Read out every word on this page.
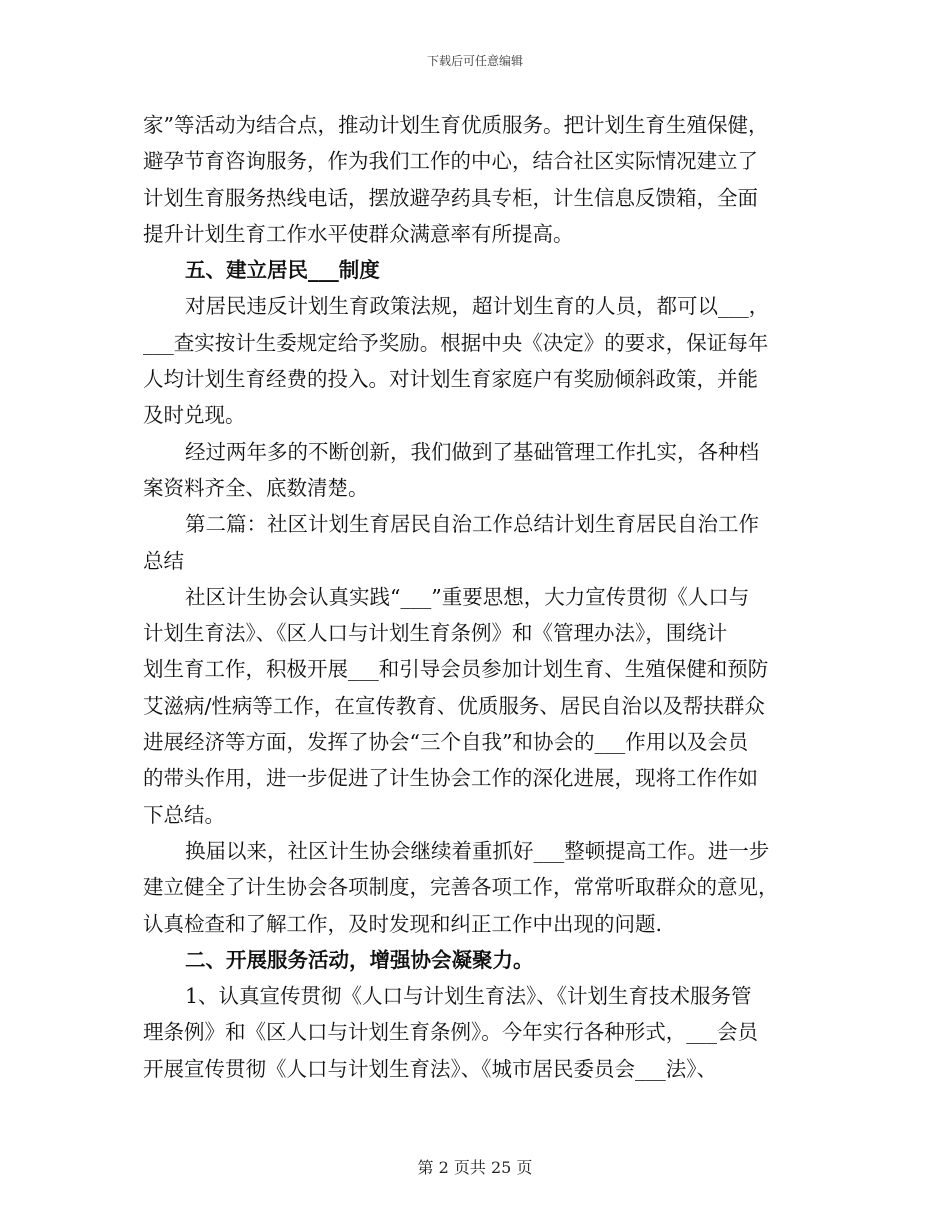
下载后可任意编辑
家”等活动为结合点，推动计划生育优质服务。把计划生育生殖保健，
避孕节育咨询服务，作为我们工作的中心，结合社区实际情况建立了
计划生育服务热线电话，摆放避孕药具专柜，计生信息反馈箱，全面
提升计划生育工作水平使群众满意率有所提高。
五、建立居民___制度
对居民违反计划生育政策法规，超计划生育的人员，都可以___，
___查实按计生委规定给予奖励。根据中央《决定》的要求，保证每年
人均计划生育经费的投入。对计划生育家庭户有奖励倾斜政策，并能
及时兑现。
经过两年多的不断创新，我们做到了基础管理工作扎实，各种档
案资料齐全、底数清楚。
第二篇：社区计划生育居民自治工作总结计划生育居民自治工作
总结
社区计生协会认真实践“___”重要思想，大力宣传贯彻《人口与
计划生育法》、《区人口与计划生育条例》和《管理办法》，围绕计
划生育工作，积极开展___和引导会员参加计划生育、生殖保健和预防
艾滋病/性病等工作，在宣传教育、优质服务、居民自治以及帮扶群众
进展经济等方面，发挥了协会“三个自我”和协会的___作用以及会员
的带头作用，进一步促进了计生协会工作的深化进展，现将工作作如
下总结。
换届以来，社区计生协会继续着重抓好___整顿提高工作。进一步
建立健全了计生协会各项制度，完善各项工作，常常听取群众的意见，
认真检查和了解工作，及时发现和纠正工作中出现的问题.
二、开展服务活动，增强协会凝聚力。
1、认真宣传贯彻《人口与计划生育法》、《计划生育技术服务管
理条例》和《区人口与计划生育条例》。今年实行各种形式，___会员
开展宣传贯彻《人口与计划生育法》、《城市居民委员会___法》、
第 2 页共 25 页
